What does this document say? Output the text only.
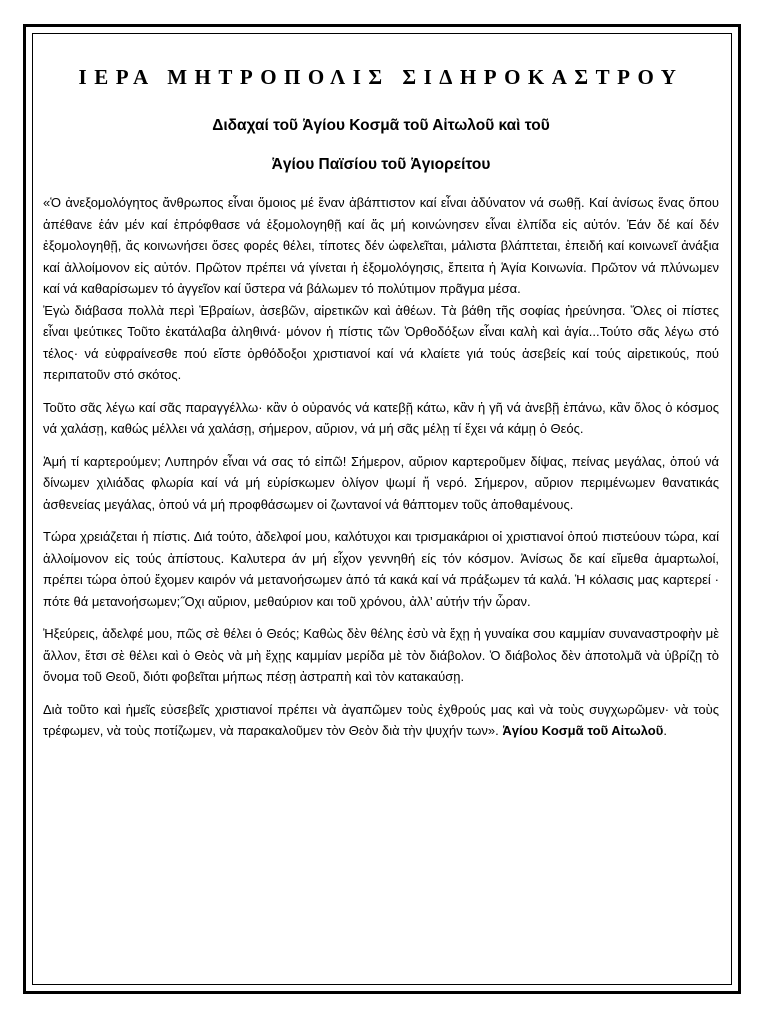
ΙΕΡΑ ΜΗΤΡΟΠΟΛΙΣ ΣΙΔΗΡΟΚΑΣΤΡΟΥ

Διδαχαί τοῦ Ἁγίου Κοσμᾶ τοῦ Αἰτωλοῦ καὶ τοῦ

Ἁγίου Παϊσίου τοῦ Ἁγιορείτου

«Ὁ ἀνεξομολόγητος ἄνθρωπος εἶναι ὅμοιος μέ ἕναν ἀβάπτιστον καί εἶναι ἀδύνατον νά σωθῇ. Καί ἀνίσως ἕνας ὅπου ἀπέθανε ἐάν μέν καί ἐπρόφθασε νά ἐξομολογηθῇ καί ἄς μή κοινώνησεν εἶναι ἐλπίδα εἰς αὐτόν. Ἐάν δέ καί δέν ἐξομολογηθῇ, ἄς κοινωνήσει ὅσες φορές θέλει, τίποτες δέν ὠφελεῖται, μάλιστα βλάπτεται, ἐπειδή καί κοινωνεῖ ἀνάξια καί ἀλλοίμονον εἰς αὐτόν. Πρῶτον πρέπει νά γίνεται ἡ ἐξομολόγησις, ἔπειτα ἡ Ἁγία Κοινωνία. Πρῶτον νά πλύνωμεν καί νά καθαρίσωμεν τό ἀγγεῖον καί ὕστερα νά βάλωμεν τό πολύτιμον πρᾶγμα μέσα.

Ἐγὼ διάβασα πολλὰ περὶ Ἑβραίων, ἀσεβῶν, αἱρετικῶν καὶ ἀθέων. Τὰ βάθη τῆς σοφίας ἠρεύνησα. Ὅλες οἱ πίστες εἶναι ψεύτικες Τοῦτο ἐκατάλαβα ἀληθινά· μόνον ἡ πίστις τῶν Ὀρθοδόξων εἶναι καλὴ καὶ ἁγία...Τούτο σᾶς λέγω στό τέλος· νά εὐφραίνεσθε πού εἴστε ὀρθόδοξοι χριστιανοί καί νά κλαίετε γιά τούς ἀσεβείς καί τούς αἱρετικούς, πού περιπατοῦν στό σκότος.

Τοῦτο σᾶς λέγω καί σᾶς παραγγέλλω· κἂν ὁ οὐρανός νά κατεβῇ κάτω, κἂν ἡ γῆ νά ἀνεβῇ ἐπάνω, κἂν ὅλος ὁ κόσμος νά χαλάσῃ, καθώς μέλλει νά χαλάσῃ, σήμερον, αὔριον, νά μή σᾶς μέλῃ τί ἔχει νά κάμῃ ὁ Θεός.

Ἀμή τί καρτερούμεν; Λυπηρόν εἶναι νά σας τό εἰπῶ! Σήμερον, αὔριον καρτεροῦμεν δίψας, πείνας μεγάλας, ὁπού νά δίνωμεν χιλιάδας φλωρία καί νά μή εὑρίσκωμεν ὀλίγον ψωμί ἤ νερό. Σήμερον, αὔριον περιμένωμεν θανατικάς ἀσθενείας μεγάλας, ὁπού νά μή προφθάσωμεν οἱ ζωντανοί νά θάπτομεν τοῦς ἀποθαμένους.

Τώρα χρειάζεται ἡ πίστις. Διά τούτο, ἀδελφοί μου, καλότυχοι και τρισμακάριοι οἱ χριστιανοί ὀπού πιστεύουν τώρα, καί ἀλλοίμονον εἰς τούς ἀπίστους. Καλυτερα άν μή εἶχον γεννηθή είς τόν κόσμον. Ἀνίσως δε καί εἴμεθα ἁμαρτωλοί, πρέπει τώρα ὀπού ἔχομεν καιρόν νά μετανοήσωμεν ἀπό τά κακά καί νά πράξωμεν τά καλά. Ἡ κόλασις μας καρτερεί · πότε θά μετανοήσωμεν;˝Οχι αὔριον, μεθαύριον και τοῦ χρόνου, ἀλλ’ αὐτήν τήν ὧραν.

Ἠξεύρεις, ἀδελφέ μου, πῶς σὲ θέλει ὁ Θεός; Καθὼς δὲν θέλης ἐσὺ νὰ ἔχῃ ἡ γυναίκα σου καμμίαν συναναστροφὴν μὲ ἄλλον, ἔτσι σὲ θέλει καὶ ὁ Θεὸς νὰ μὴ ἔχῃς καμμίαν μερίδα μὲ τὸν διάβολον. Ὁ διάβολος δὲν ἀποτολμᾶ νὰ ὑβρίζῃ τὸ ὄνομα τοῦ Θεοῦ, διότι φοβεῖται μήπως πέσῃ ἀστραπὴ καὶ τὸν κατακαύσῃ.

Διὰ τοῦτο καὶ ἡμεῖς εὐσεβεῖς χριστιανοί πρέπει νὰ ἀγαπῶμεν τοὺς ἐχθρούς μας καὶ νὰ τοὺς συγχωρῶμεν· νὰ τοὺς τρέφωμεν, νὰ τοὺς ποτίζωμεν, νὰ παρακαλοῦμεν τὸν Θεὸν διὰ τὴν ψυχήν των». Ἁγίου Κοσμᾶ τοῦ Αἰτωλοῦ.
